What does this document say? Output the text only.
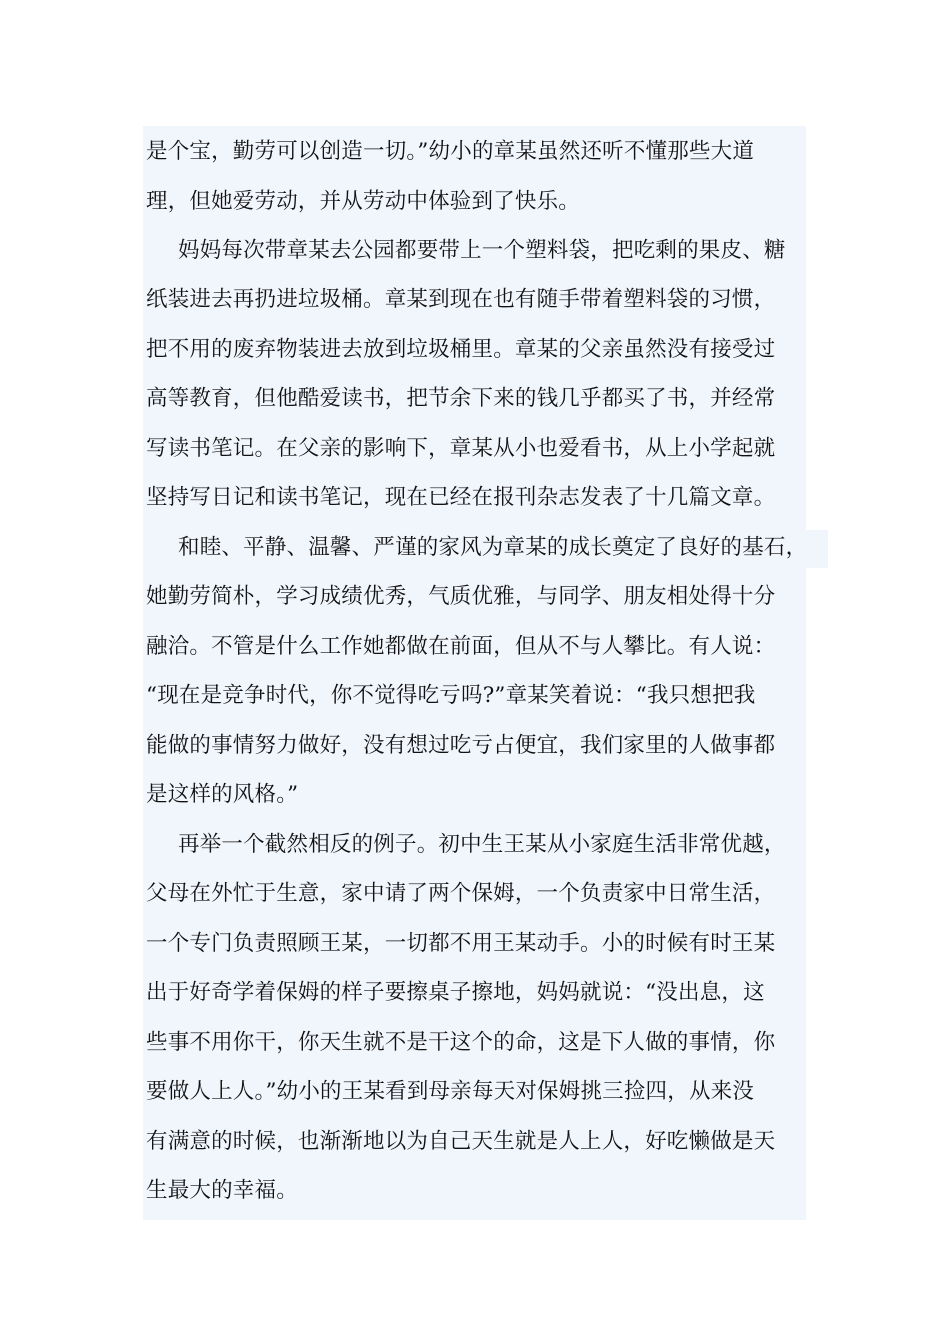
是个宝，勤劳可以创造一切。”幼小的章某虽然还听不懂那些大道
理，但她爱劳动，并从劳动中体验到了快乐。
妈妈每次带章某去公园都要带上一个塑料袋，把吃剩的果皮、糖
纸装进去再扔进垃圾桶。章某到现在也有随手带着塑料袋的习惯，
把不用的废弃物装进去放到垃圾桶里。章某的父亲虽然没有接受过
高等教育，但他酷爱读书，把节余下来的钱几乎都买了书，并经常
写读书笔记。在父亲的影响下，章某从小也爱看书，从上小学起就
坚持写日记和读书笔记，现在已经在报刊杂志发表了十几篇文章。
和睦、平静、温馨、严谨的家风为章某的成长奠定了良好的基石，
她勤劳简朴，学习成绩优秀，气质优雅，与同学、朋友相处得十分
融洽。不管是什么工作她都做在前面，但从不与人攀比。有人说：
“现在是竞争时代，你不觉得吃亏吗?”章某笑着说：“我只想把我
能做的事情努力做好，没有想过吃亏占便宜，我们家里的人做事都
是这样的风格。”
再举一个截然相反的例子。初中生王某从小家庭生活非常优越，
父母在外忙于生意，家中请了两个保姆，一个负责家中日常生活，
一个专门负责照顾王某，一切都不用王某动手。小的时候有时王某
出于好奇学着保姆的样子要擦桌子擦地，妈妈就说：“没出息，这
些事不用你干，你天生就不是干这个的命，这是下人做的事情，你
要做人上人。”幼小的王某看到母亲每天对保姆挑三捡四，从来没
有满意的时候，也渐渐地以为自己天生就是人上人，好吃懒做是天
生最大的幸福。
